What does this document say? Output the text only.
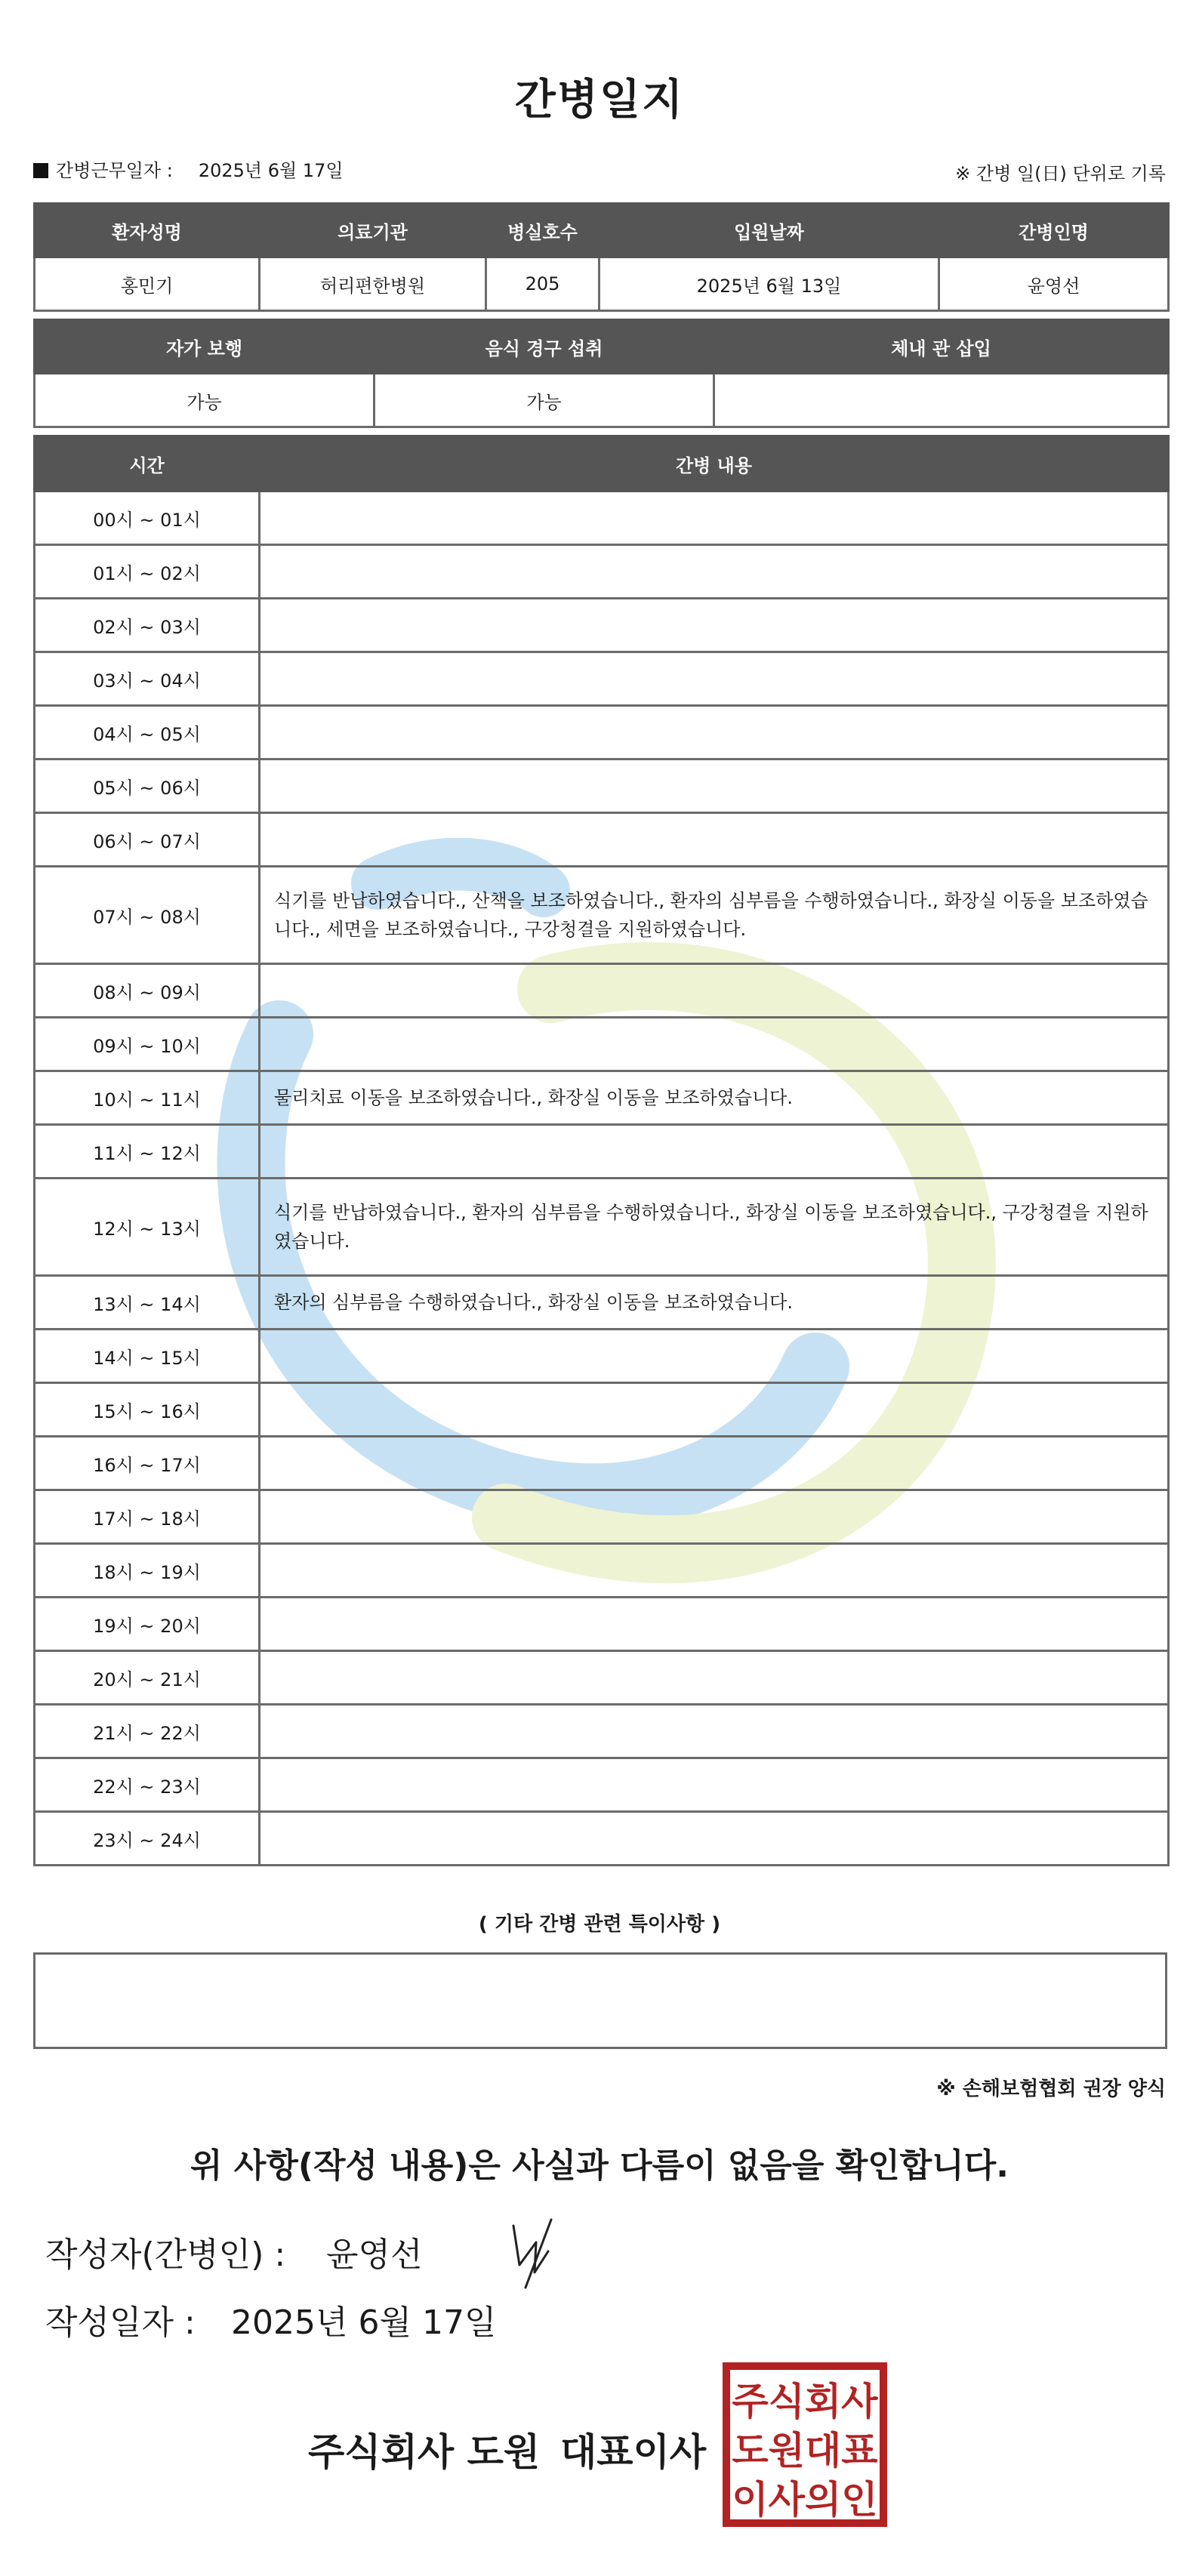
간병일지
간병근무일자 : 2025년 6월 17일	※ 간병 일(日) 단위로 기록
환자성명	의료기관	병실호수	입원날짜	간병인명
홍민기	허리편한병원	205	2025년 6월 13일	윤영선
자가 보행	음식 경구 섭취	체내 관 삽입
가능	가능	
시간	간병 내용
00시 ~ 01시	
01시 ~ 02시	
02시 ~ 03시	
03시 ~ 04시	
04시 ~ 05시	
05시 ~ 06시	
06시 ~ 07시	
07시 ~ 08시	식기를 반납하였습니다., 산책을 보조하였습니다., 환자의 심부름을 수행하였습니다., 화장실 이동을 보조하였습니다., 세면을 보조하였습니다., 구강청결을 지원하였습니다.
08시 ~ 09시	
09시 ~ 10시	
10시 ~ 11시	물리치료 이동을 보조하였습니다., 화장실 이동을 보조하였습니다.
11시 ~ 12시	
12시 ~ 13시	식기를 반납하였습니다., 환자의 심부름을 수행하였습니다., 화장실 이동을 보조하였습니다., 구강청결을 지원하였습니다.
13시 ~ 14시	환자의 심부름을 수행하였습니다., 화장실 이동을 보조하였습니다.
14시 ~ 15시	
15시 ~ 16시	
16시 ~ 17시	
17시 ~ 18시	
18시 ~ 19시	
19시 ~ 20시	
20시 ~ 21시	
21시 ~ 22시	
22시 ~ 23시	
23시 ~ 24시	
( 기타 간병 관련 특이사항 )
※ 손해보험협회 권장 양식
위 사항(작성 내용)은 사실과 다름이 없음을 확인합니다.
작성자(간병인) : 윤영선
작성일자 : 2025년 6월 17일
주식회사 도원 대표이사
주식회사
도원대표
이사의인
